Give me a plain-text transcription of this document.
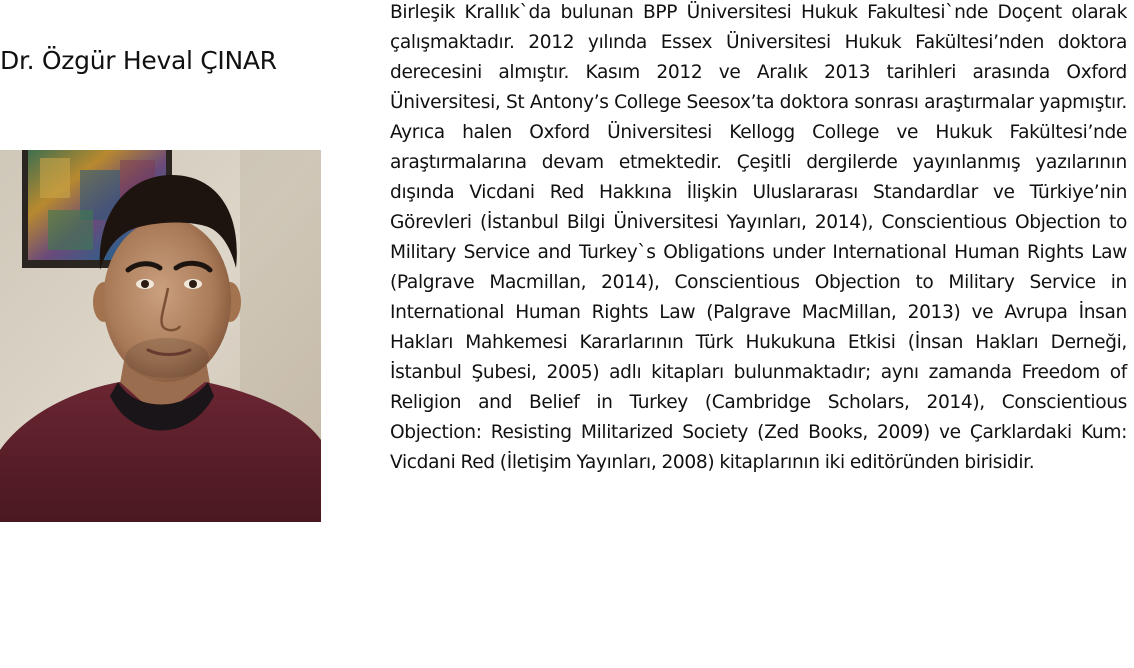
Dr. Özgür Heval ÇINAR
Birleşik Krallık`da bulunan BPP Üniversitesi Hukuk Fakultesi`nde Doçent olarak çalışmaktadır. 2012 yılında Essex Üniversitesi Hukuk Fakültesi’nden doktora derecesini almıştır. Kasım 2012 ve Aralık 2013 tarihleri arasında Oxford Üniversitesi, St Antony’s College Seesox’ta doktora sonrası araştırmalar yapmıştır. Ayrıca halen Oxford Üniversitesi Kellogg College ve Hukuk Fakültesi’nde araştırmalarına devam etmektedir. Çeşitli dergilerde yayınlanmış yazılarının dışında Vicdani Red Hakkına İlişkin Uluslararası Standardlar ve Türkiye’nin Görevleri (İstanbul Bilgi Üniversitesi Yayınları, 2014), Conscientious Objection to Military Service and Turkey`s Obligations under International Human Rights Law (Palgrave Macmillan, 2014), Conscientious Objection to Military Service in International Human Rights Law (Palgrave MacMillan, 2013) ve Avrupa İnsan Hakları Mahkemesi Kararlarının Türk Hukukuna Etkisi (İnsan Hakları Derneği, İstanbul Şubesi, 2005) adlı kitapları bulunmaktadır; aynı zamanda Freedom of Religion and Belief in Turkey (Cambridge Scholars, 2014), Conscientious Objection: Resisting Militarized Society (Zed Books, 2009) ve Çarklardaki Kum: Vicdani Red (İletişim Yayınları, 2008) kitaplarının iki editöründen birisidir.
